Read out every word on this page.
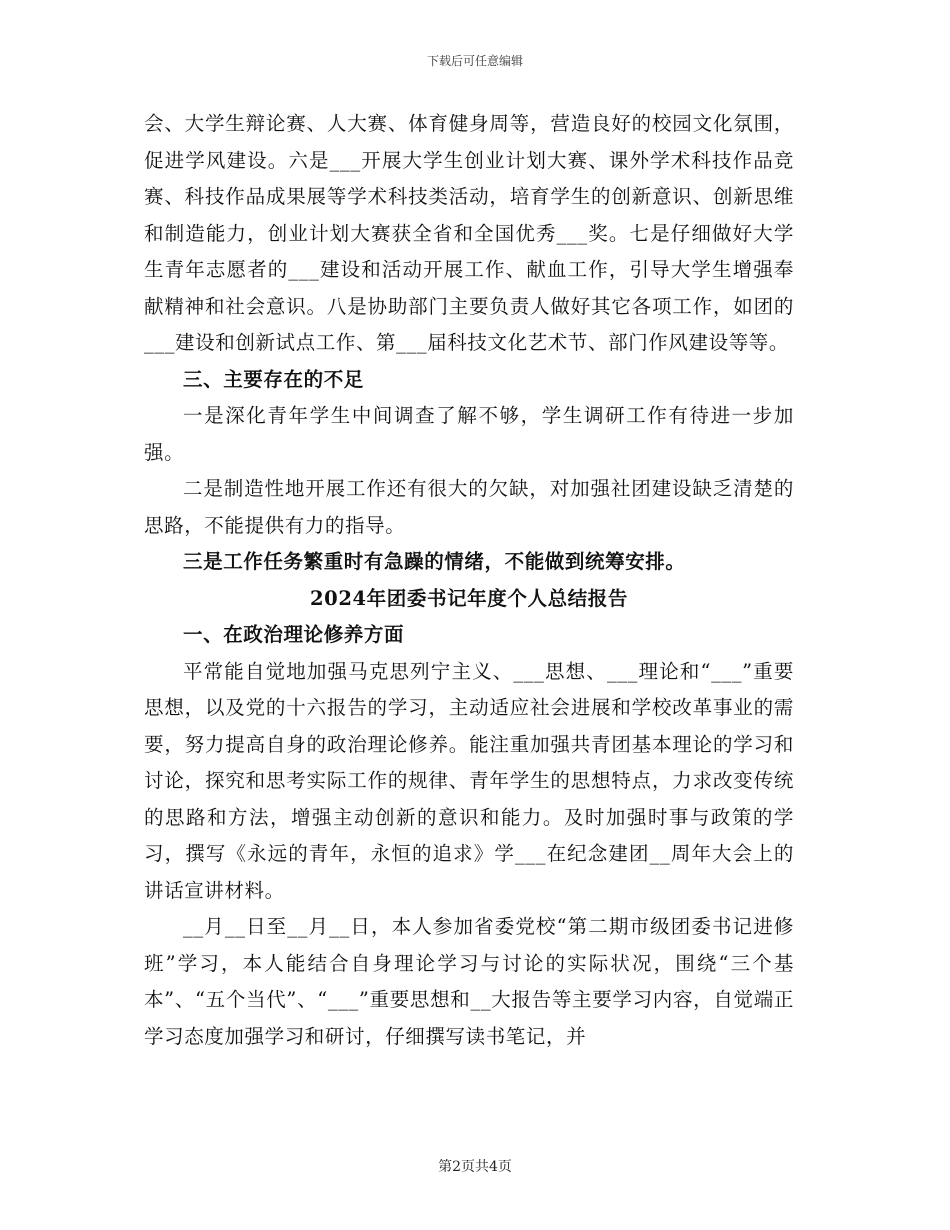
下载后可任意编辑

会、大学生辩论赛、人大赛、体育健身周等，营造良好的校园文化氛围，促进学风建设。六是___开展大学生创业计划大赛、课外学术科技作品竞赛、科技作品成果展等学术科技类活动，培育学生的创新意识、创新思维和制造能力，创业计划大赛获全省和全国优秀___奖。七是仔细做好大学生青年志愿者的___建设和活动开展工作、献血工作，引导大学生增强奉献精神和社会意识。八是协助部门主要负责人做好其它各项工作，如团的___建设和创新试点工作、第___届科技文化艺术节、部门作风建设等等。

三、主要存在的不足

一是深化青年学生中间调查了解不够，学生调研工作有待进一步加强。

二是制造性地开展工作还有很大的欠缺，对加强社团建设缺乏清楚的思路，不能提供有力的指导。

三是工作任务繁重时有急躁的情绪，不能做到统筹安排。

2024年团委书记年度个人总结报告

一、在政治理论修养方面

平常能自觉地加强马克思列宁主义、___思想、___理论和“___”重要思想，以及党的十六报告的学习，主动适应社会进展和学校改革事业的需要，努力提高自身的政治理论修养。能注重加强共青团基本理论的学习和讨论，探究和思考实际工作的规律、青年学生的思想特点，力求改变传统的思路和方法，增强主动创新的意识和能力。及时加强时事与政策的学习，撰写《永远的青年，永恒的追求》学___在纪念建团__周年大会上的讲话宣讲材料。

__月__日至__月__日，本人参加省委党校“第二期市级团委书记进修班”学习，本人能结合自身理论学习与讨论的实际状况，围绕“三个基本”、“五个当代”、“___”重要思想和__大报告等主要学习内容，自觉端正学习态度加强学习和研讨，仔细撰写读书笔记，并

第2页共4页
